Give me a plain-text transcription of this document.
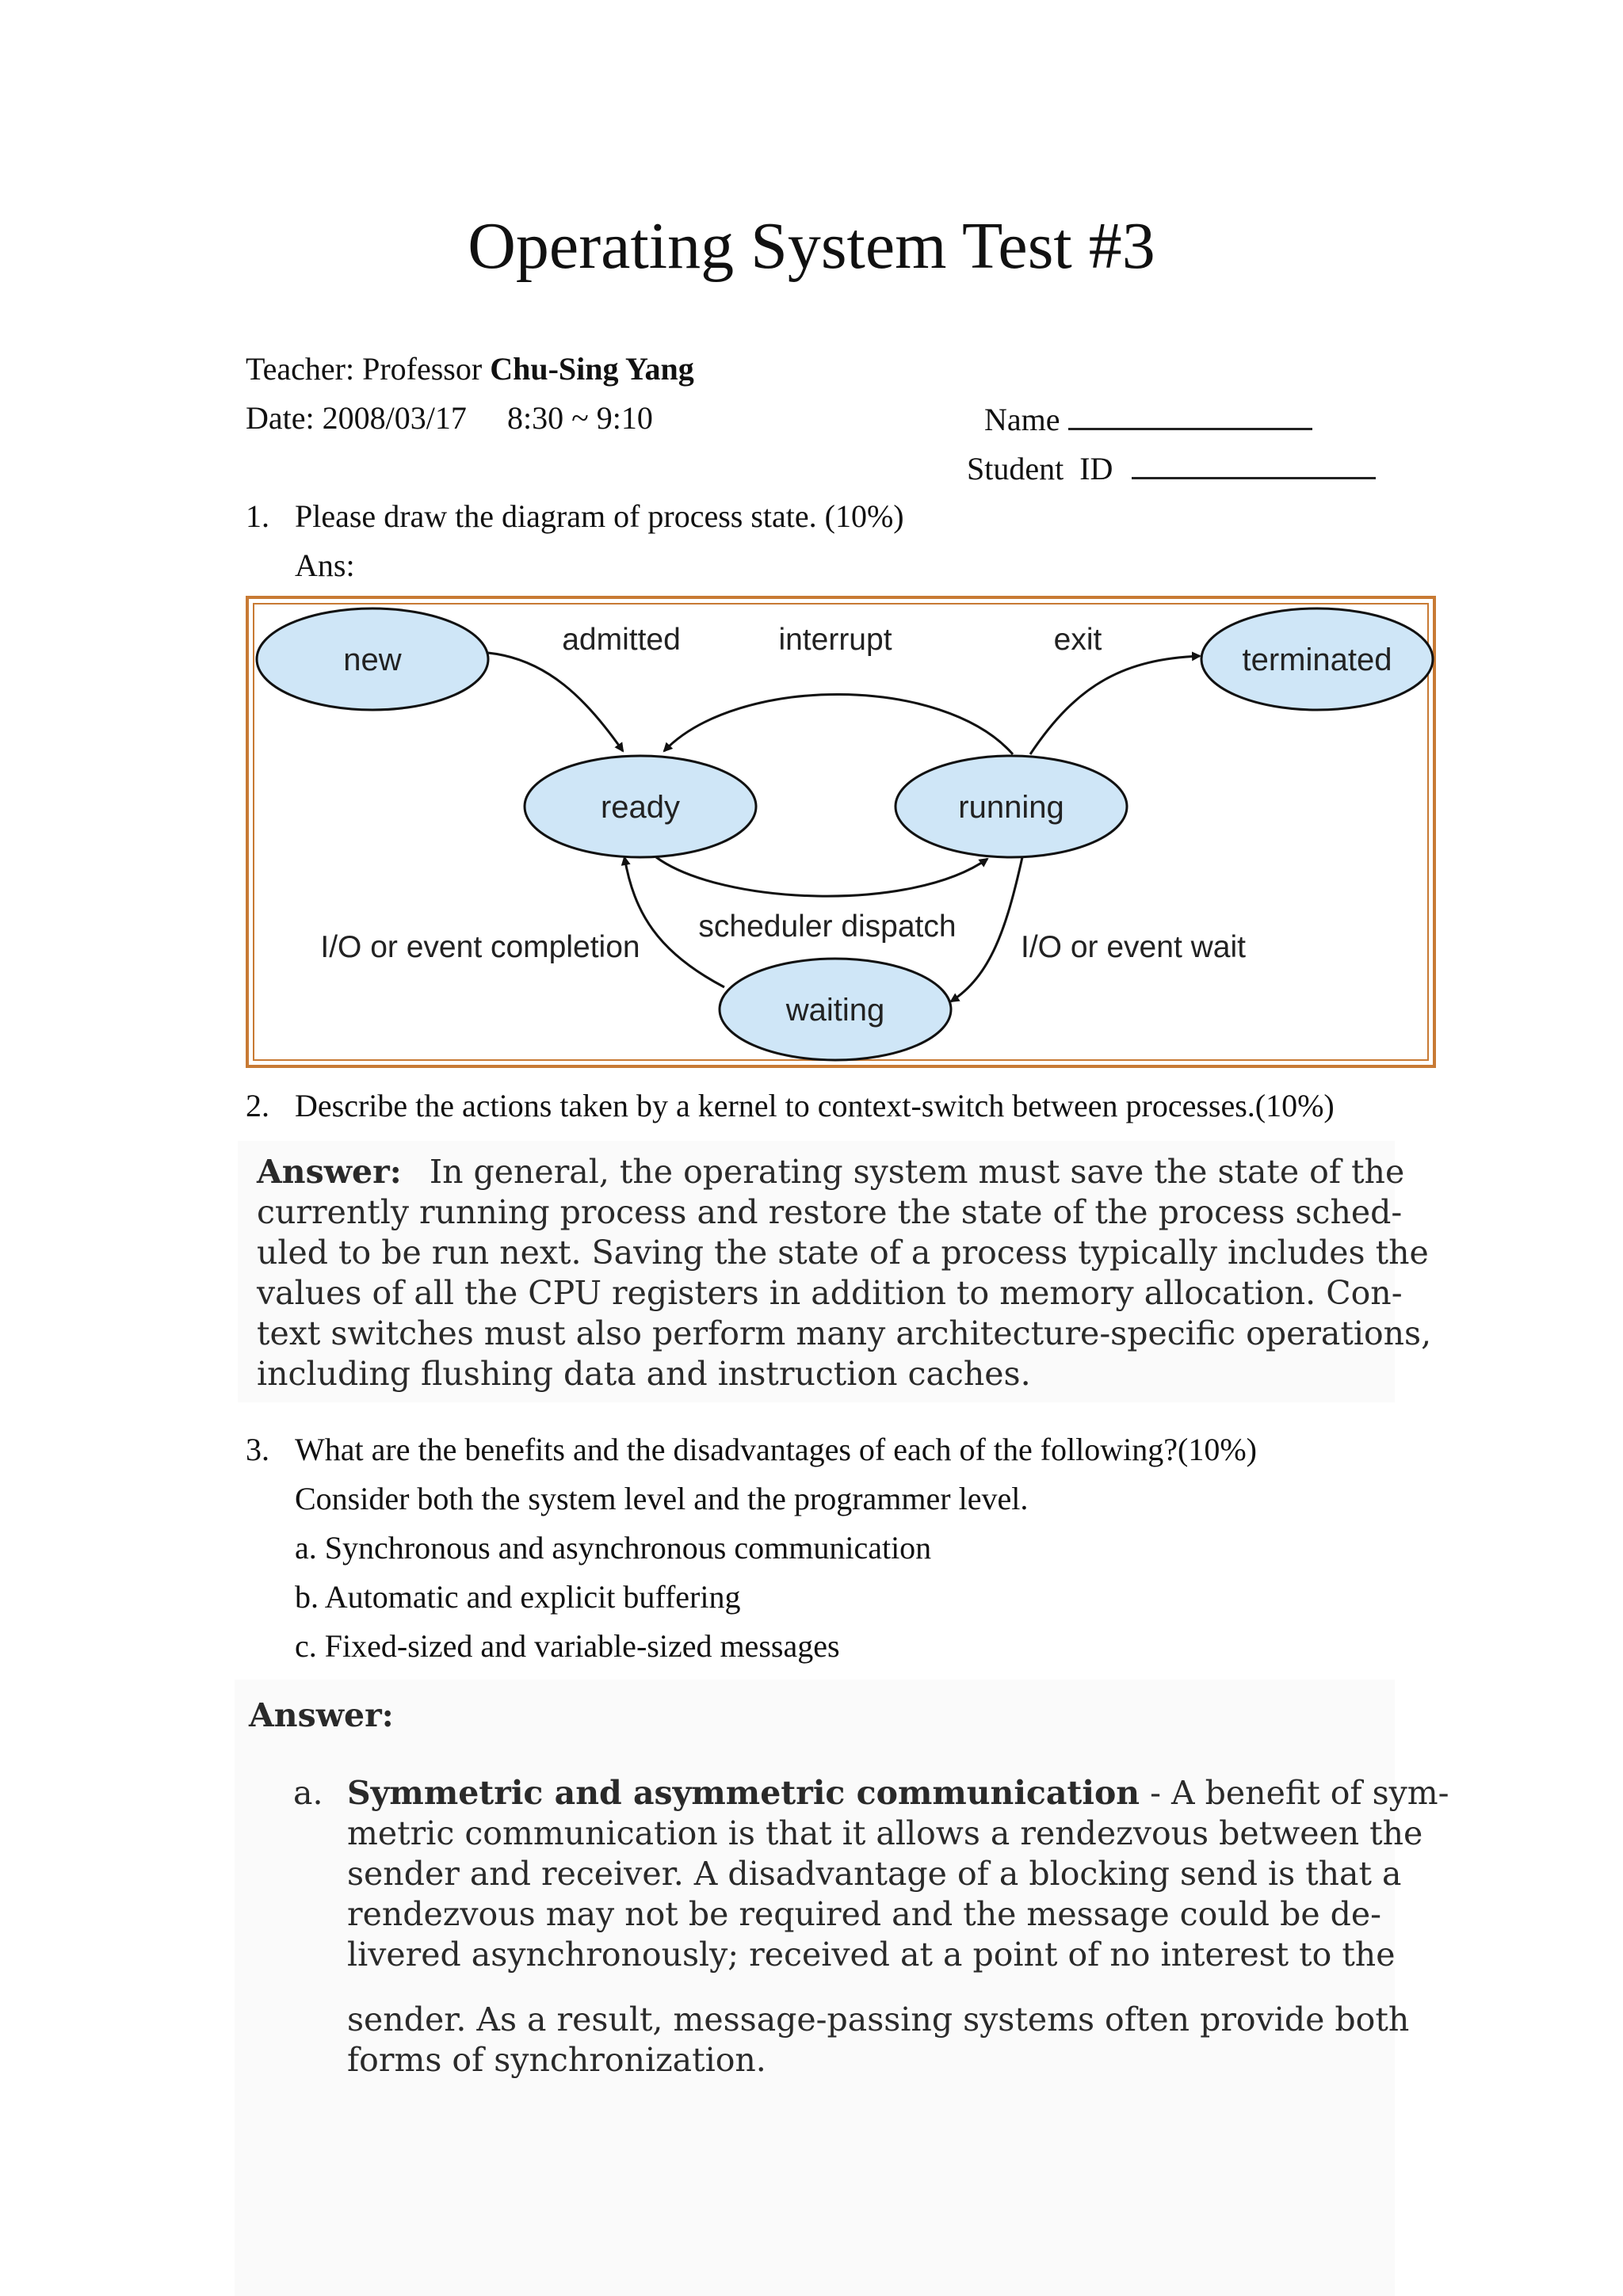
Operating System Test #3
Teacher: Professor Chu-Sing Yang
Date: 2008/03/17 8:30 ~ 9:10	Name
Student  ID
1. Please draw the diagram of process state. (10%)
Ans:
new	terminated
ready	running
waiting
admitted	interrupt	exit
scheduler dispatch
I/O or event completion	I/O or event wait
2. Describe the actions taken by a kernel to context-switch between processes.(10%)
Answer: In general, the operating system must save the state of the
currently running process and restore the state of the process sched-
uled to be run next. Saving the state of a process typically includes the
values of all the CPU registers in addition to memory allocation. Con-
text switches must also perform many architecture-specific operations,
including flushing data and instruction caches.
3. What are the benefits and the disadvantages of each of the following?(10%)
Consider both the system level and the programmer level.
a. Synchronous and asynchronous communication
b. Automatic and explicit buffering
c. Fixed-sized and variable-sized messages
Answer:
a. Symmetric and asymmetric communication - A benefit of sym-
metric communication is that it allows a rendezvous between the
sender and receiver. A disadvantage of a blocking send is that a
rendezvous may not be required and the message could be de-
livered asynchronously; received at a point of no interest to the
sender. As a result, message-passing systems often provide both
forms of synchronization.
